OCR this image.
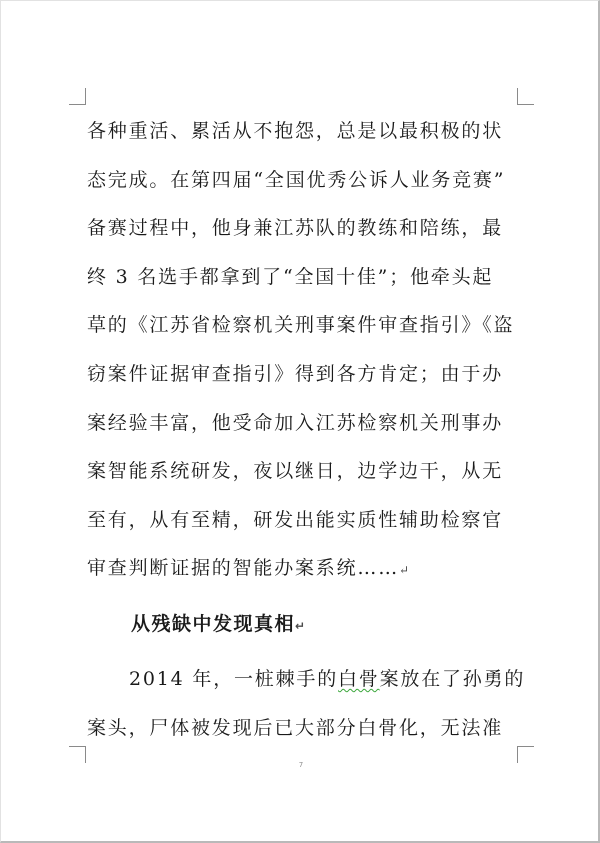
各种重活、累活从不抱怨，总是以最积极的状
态完成。在第四届“全国优秀公诉人业务竞赛”
备赛过程中，他身兼江苏队的教练和陪练，最
终 3 名选手都拿到了“全国十佳”；他牵头起
草的《江苏省检察机关刑事案件审查指引》《盗
窃案件证据审查指引》得到各方肯定；由于办
案经验丰富，他受命加入江苏检察机关刑事办
案智能系统研发，夜以继日，边学边干，从无
至有，从有至精，研发出能实质性辅助检察官
审查判断证据的智能办案系统……↵
从残缺中发现真相↵
2014 年，一桩棘手的白骨案放在了孙勇的
案头，尸体被发现后已大部分白骨化，无法准
7
